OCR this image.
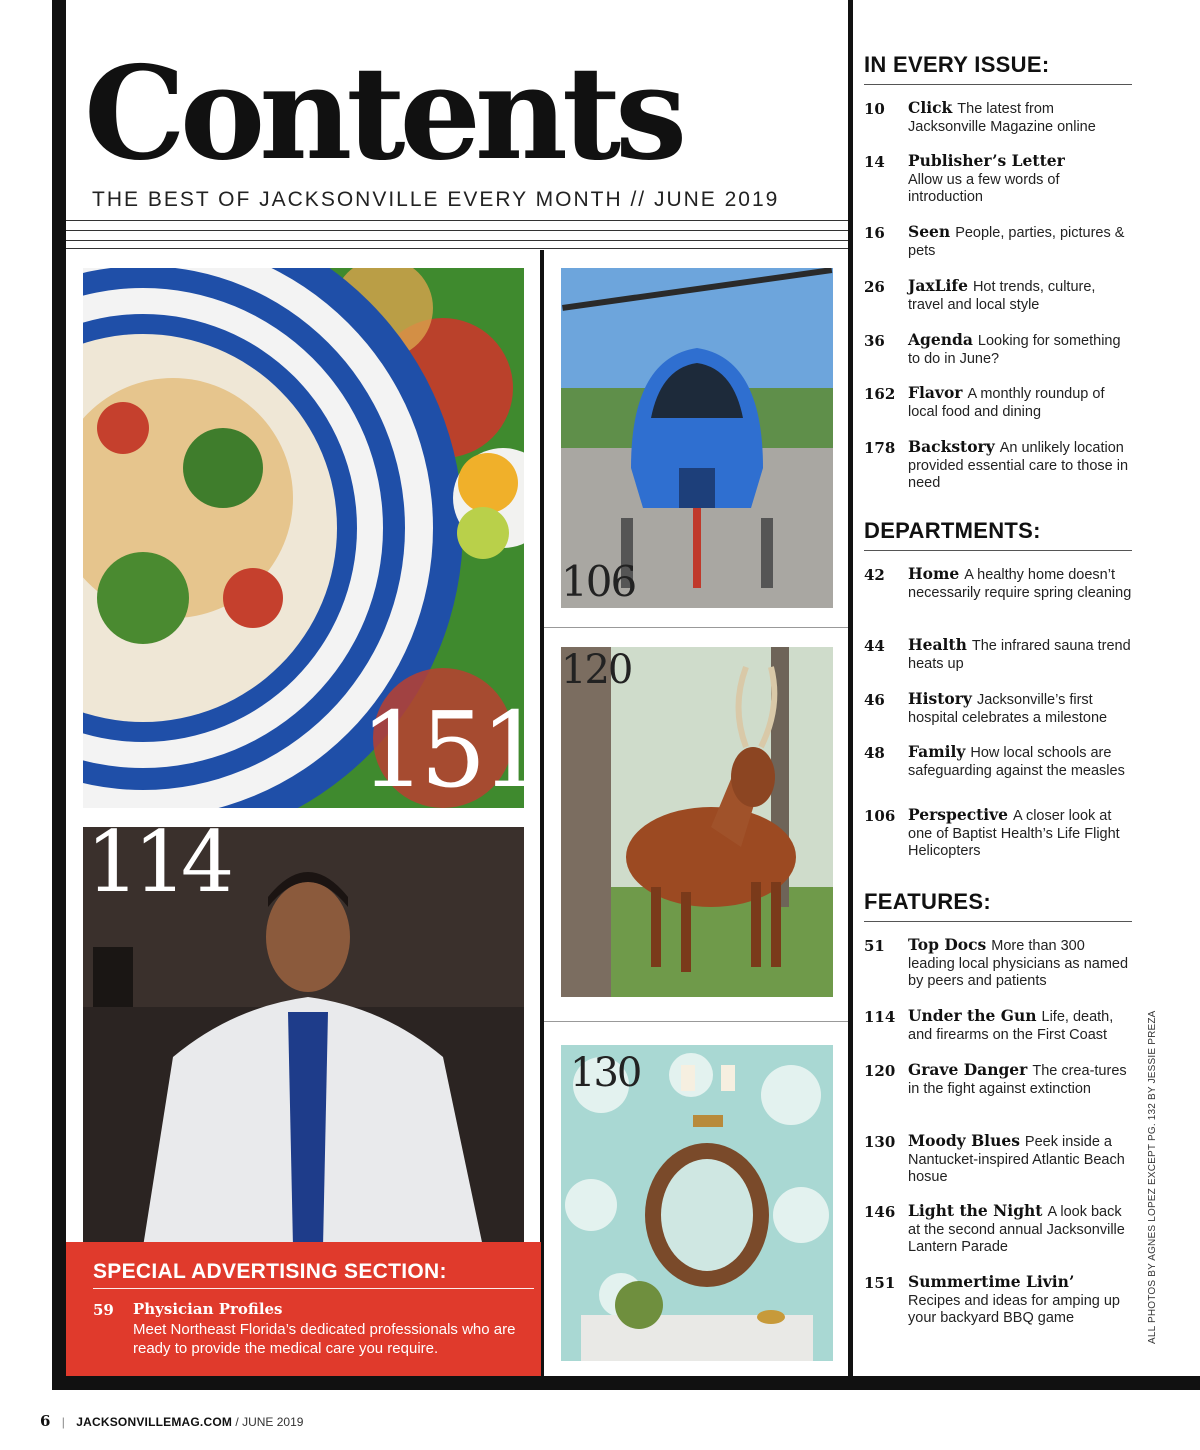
Contents
THE BEST OF JACKSONVILLE EVERY MONTH // JUNE 2019
151
114
SPECIAL ADVERTISING SECTION:
59 Physician Profiles
Meet Northeast Florida’s dedicated professionals who are ready to provide the medical care you require.
106
120
130
IN EVERY ISSUE:
10 Click The latest from Jacksonville Magazine online
14 Publisher’s Letter
Allow us a few words of introduction
16 Seen People, parties, pictures & pets
26 JaxLife Hot trends, culture, travel and local style
36 Agenda Looking for something to do in June?
162 Flavor A monthly roundup of local food and dining
178 Backstory An unlikely location provided essential care to those in need
DEPARTMENTS:
42 Home A healthy home doesn’t necessarily require spring cleaning
44 Health The infrared sauna trend heats up
46 History Jacksonville’s first hospital celebrates a milestone
48 Family How local schools are safeguarding against the measles
106 Perspective A closer look at one of Baptist Health’s Life Flight Helicopters
FEATURES:
51 Top Docs More than 300 leading local physicians as named by peers and patients
114 Under the Gun Life, death, and firearms on the First Coast
120 Grave Danger The crea-tures in the fight against extinction
130 Moody Blues Peek inside a Nantucket-inspired Atlantic Beach hosue
146 Light the Night A look back at the second annual Jacksonville Lantern Parade
151 Summertime Livin’
Recipes and ideas for amping up your backyard BBQ game	ALL PHOTOS BY AGNES LOPEZ EXCEPT PG. 132 BY JESSIE PREZA
6 | JACKSONVILLEMAG.COM / JUNE 2019
